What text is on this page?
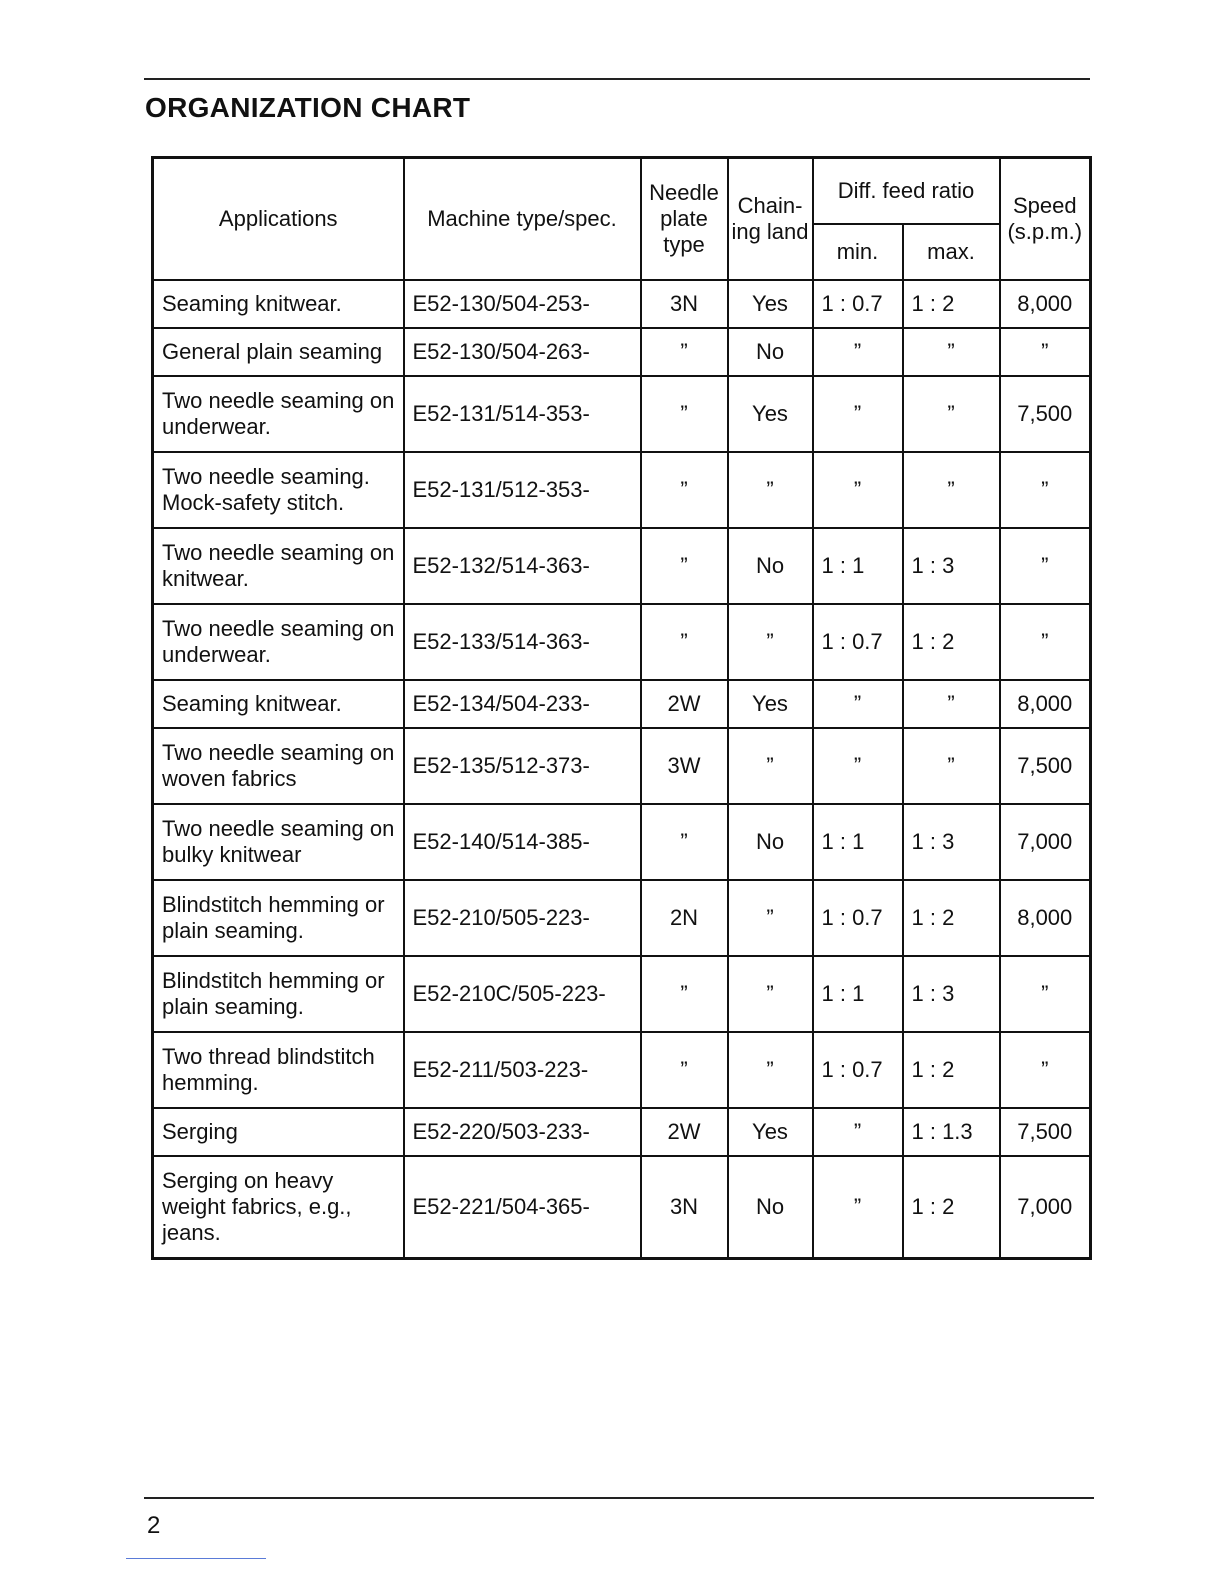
ORGANIZATION CHART
Applications	Machine type/spec.	Needle plate type	Chain- ing land	Diff. feed ratio		Speed (s.p.m.)
				min.	max.	
Seaming knitwear.	E52-130/504-253-	3N	Yes	1 : 0.7	1 : 2	8,000
General plain seaming	E52-130/504-263-	”	No	”	”	”
Two needle seaming on underwear.	E52-131/514-353-	”	Yes	”	”	7,500
Two needle seaming. Mock-safety stitch.	E52-131/512-353-	”	”	”	”	”
Two needle seaming on knitwear.	E52-132/514-363-	”	No	1 : 1	1 : 3	”
Two needle seaming on underwear.	E52-133/514-363-	”	”	1 : 0.7	1 : 2	”
Seaming knitwear.	E52-134/504-233-	2W	Yes	”	”	8,000
Two needle seaming on woven fabrics	E52-135/512-373-	3W	”	”	”	7,500
Two needle seaming on bulky knitwear	E52-140/514-385-	”	No	1 : 1	1 : 3	7,000
Blindstitch hemming or plain seaming.	E52-210/505-223-	2N	”	1 : 0.7	1 : 2	8,000
Blindstitch hemming or plain seaming.	E52-210C/505-223-	”	”	1 : 1	1 : 3	”
Two thread blindstitch hemming.	E52-211/503-223-	”	”	1 : 0.7	1 : 2	”
Serging	E52-220/503-233-	2W	Yes	”	1 : 1.3	7,500
Serging on heavy weight fabrics, e.g., jeans.	E52-221/504-365-	3N	No	”	1 : 2	7,000
2
